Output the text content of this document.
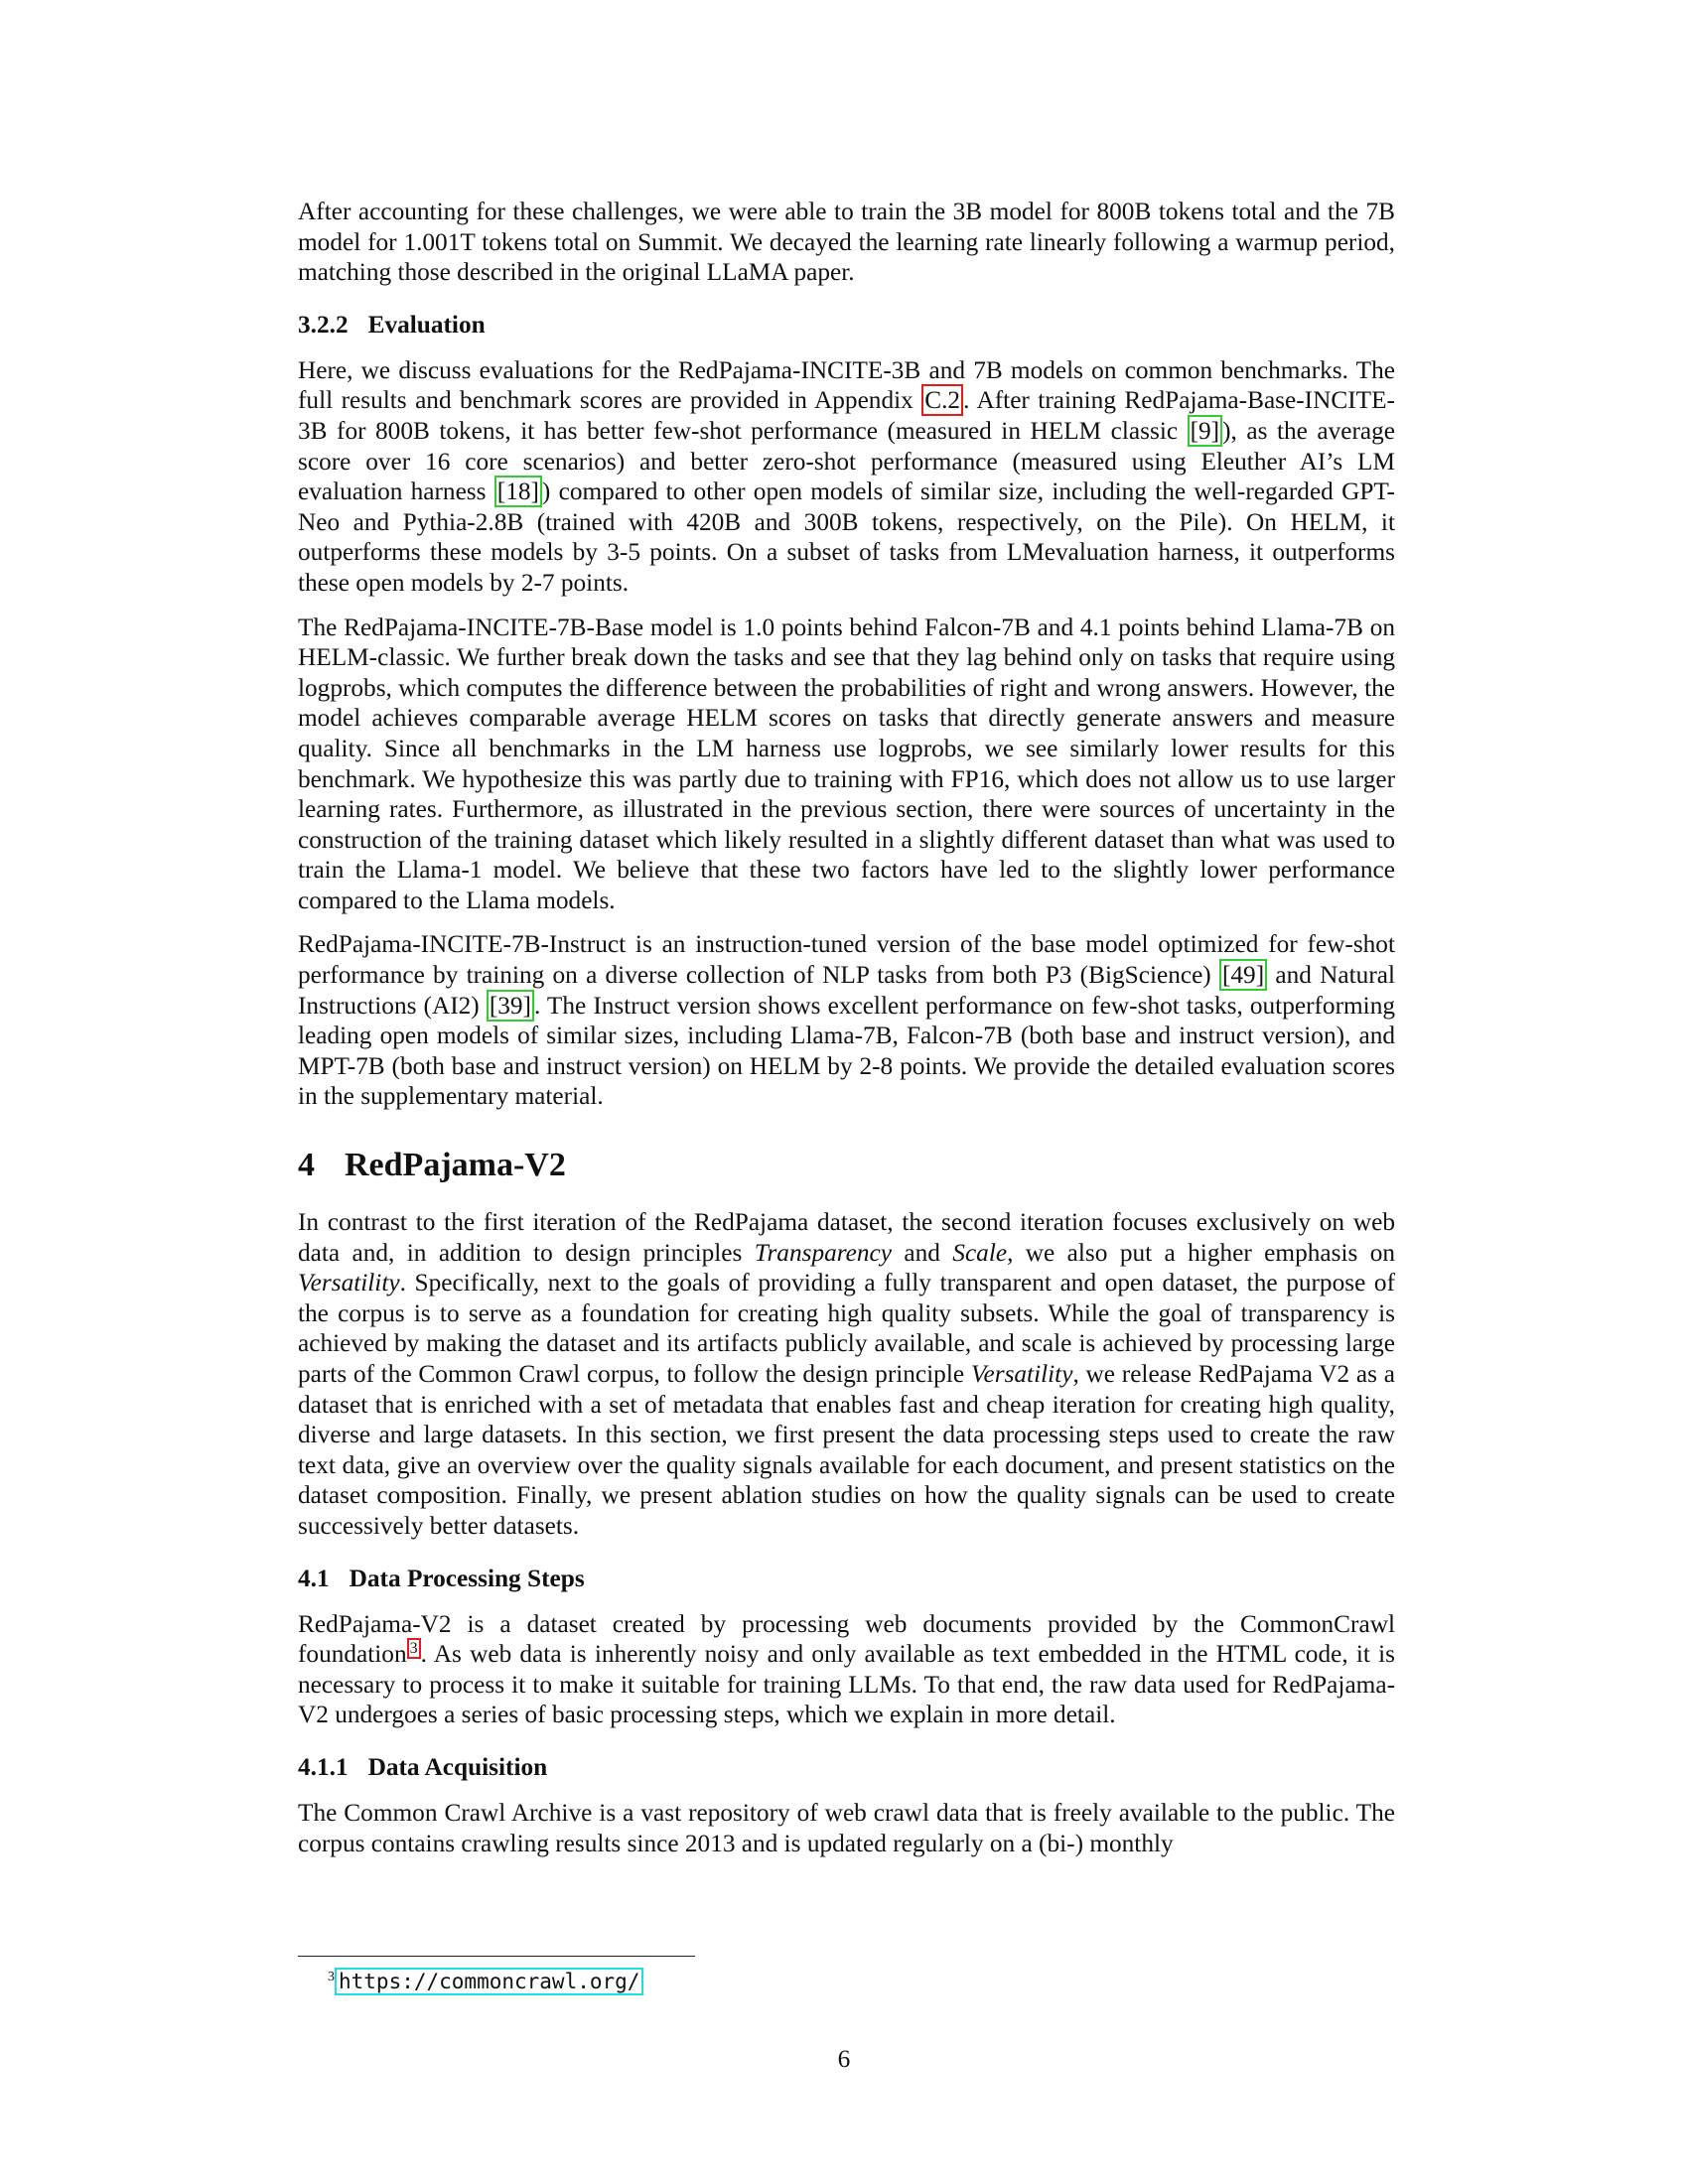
After accounting for these challenges, we were able to train the 3B model for 800B tokens total and the 7B model for 1.001T tokens total on Summit. We decayed the learning rate linearly following a warmup period, matching those described in the original LLaMA paper.

3.2.2 Evaluation

Here, we discuss evaluations for the RedPajama-INCITE-3B and 7B models on common benchmarks. The full results and benchmark scores are provided in Appendix C.2 . After training RedPajama-Base-INCITE-3B for 800B tokens, it has better few-shot performance (measured in HELM classic [9] ), as the average score over 16 core scenarios) and better zero-shot performance (measured using Eleuther AI’s LM evaluation harness [18] ) compared to other open models of similar size, including the well-regarded GPT-Neo and Pythia-2.8B (trained with 420B and 300B tokens, respectively, on the Pile). On HELM, it outperforms these models by 3-5 points. On a subset of tasks from LMevaluation harness, it outperforms these open models by 2-7 points.

The RedPajama-INCITE-7B-Base model is 1.0 points behind Falcon-7B and 4.1 points behind Llama-7B on HELM-classic. We further break down the tasks and see that they lag behind only on tasks that require using logprobs, which computes the difference between the probabilities of right and wrong answers. However, the model achieves comparable average HELM scores on tasks that directly generate answers and measure quality. Since all benchmarks in the LM harness use logprobs, we see similarly lower results for this benchmark. We hypothesize this was partly due to training with FP16, which does not allow us to use larger learning rates. Furthermore, as illustrated in the previous section, there were sources of uncertainty in the construction of the training dataset which likely resulted in a slightly different dataset than what was used to train the Llama-1 model. We believe that these two factors have led to the slightly lower performance compared to the Llama models.

RedPajama-INCITE-7B-Instruct is an instruction-tuned version of the base model optimized for few-shot performance by training on a diverse collection of NLP tasks from both P3 (BigScience) [49] and Natural Instructions (AI2) [39] . The Instruct version shows excellent performance on few-shot tasks, outperforming leading open models of similar sizes, including Llama-7B, Falcon-7B (both base and instruct version), and MPT-7B (both base and instruct version) on HELM by 2-8 points. We provide the detailed evaluation scores in the supplementary material.

4 RedPajama-V2

In contrast to the first iteration of the RedPajama dataset, the second iteration focuses exclusively on web data and, in addition to design principles Transparency and Scale, we also put a higher emphasis on Versatility. Specifically, next to the goals of providing a fully transparent and open dataset, the purpose of the corpus is to serve as a foundation for creating high quality subsets. While the goal of transparency is achieved by making the dataset and its artifacts publicly available, and scale is achieved by processing large parts of the Common Crawl corpus, to follow the design principle Versatility, we release RedPajama V2 as a dataset that is enriched with a set of metadata that enables fast and cheap iteration for creating high quality, diverse and large datasets. In this section, we first present the data processing steps used to create the raw text data, give an overview over the quality signals available for each document, and present statistics on the dataset composition. Finally, we present ablation studies on how the quality signals can be used to create successively better datasets.

4.1 Data Processing Steps

RedPajama-V2 is a dataset created by processing web documents provided by the CommonCrawl foundation $^3$ . As web data is inherently noisy and only available as text embedded in the HTML code, it is necessary to process it to make it suitable for training LLMs. To that end, the raw data used for RedPajama-V2 undergoes a series of basic processing steps, which we explain in more detail.

4.1.1 Data Acquisition

The Common Crawl Archive is a vast repository of web crawl data that is freely available to the public. The corpus contains crawling results since 2013 and is updated regularly on a (bi-) monthly

$^3$ https://commoncrawl.org/
6
